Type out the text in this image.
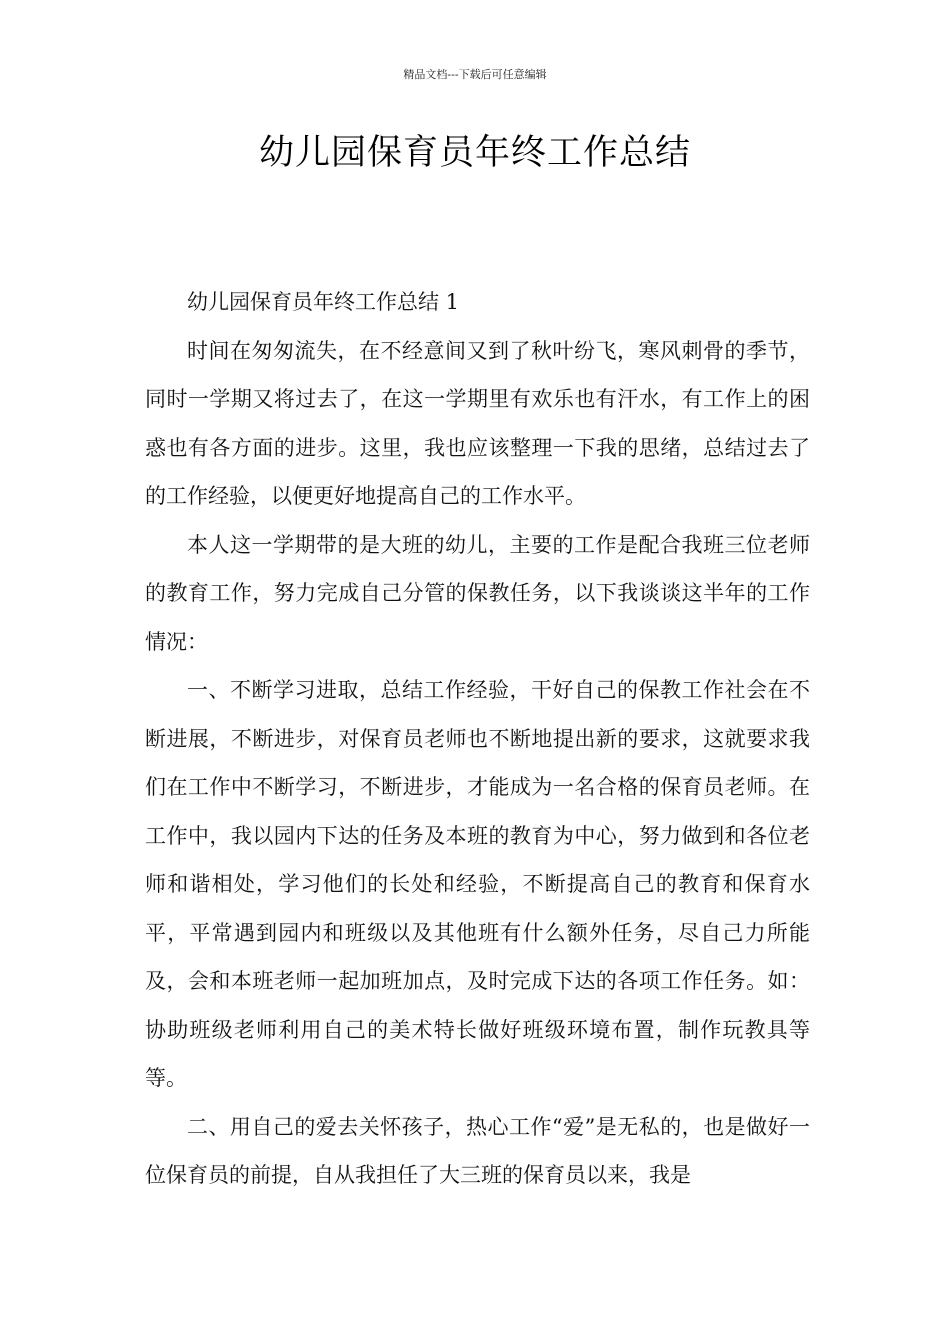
精品文档---下载后可任意编辑
幼儿园保育员年终工作总结

幼儿园保育员年终工作总结 1

时间在匆匆流失，在不经意间又到了秋叶纷飞，寒风刺骨的季节，同时一学期又将过去了，在这一学期里有欢乐也有汗水，有工作上的困惑也有各方面的进步。这里，我也应该整理一下我的思绪，总结过去了的工作经验，以便更好地提高自己的工作水平。

本人这一学期带的是大班的幼儿，主要的工作是配合我班三位老师的教育工作，努力完成自己分管的保教任务，以下我谈谈这半年的工作情况：

一、不断学习进取，总结工作经验，干好自己的保教工作社会在不断进展，不断进步，对保育员老师也不断地提出新的要求，这就要求我们在工作中不断学习，不断进步，才能成为一名合格的保育员老师。在工作中，我以园内下达的任务及本班的教育为中心，努力做到和各位老师和谐相处，学习他们的长处和经验，不断提高自己的教育和保育水平，平常遇到园内和班级以及其他班有什么额外任务，尽自己力所能及，会和本班老师一起加班加点，及时完成下达的各项工作任务。如：协助班级老师利用自己的美术特长做好班级环境布置，制作玩教具等等。

二、用自己的爱去关怀孩子，热心工作“爱”是无私的，也是做好一位保育员的前提，自从我担任了大三班的保育员以来，我是
